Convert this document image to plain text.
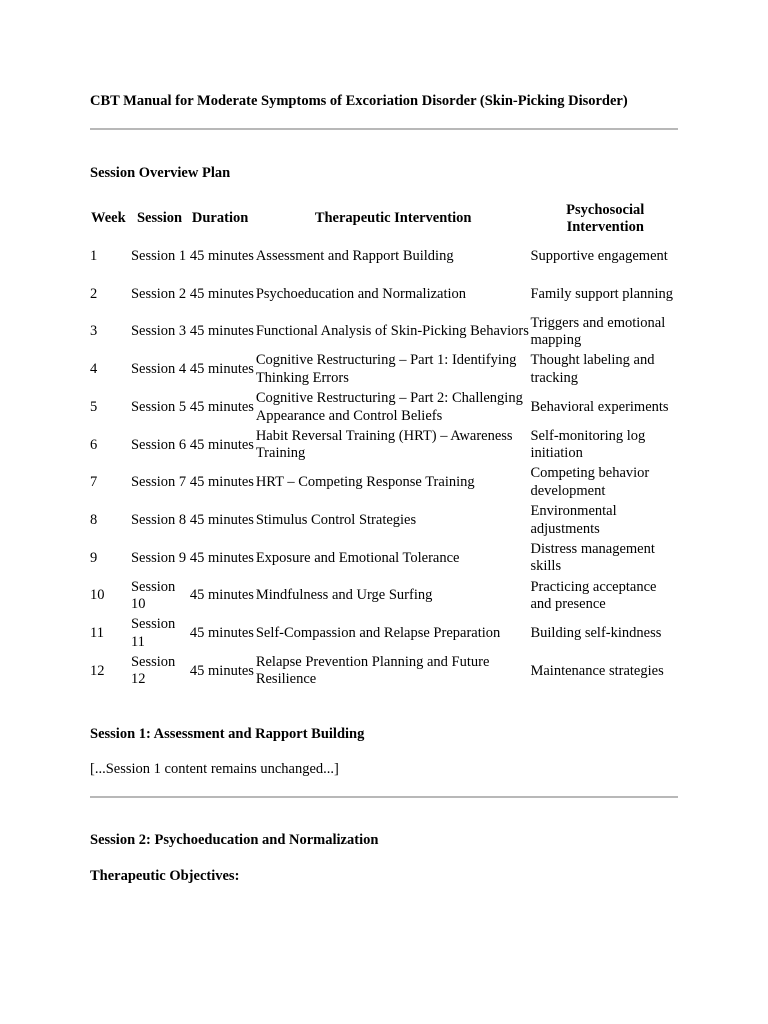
CBT Manual for Moderate Symptoms of Excoriation Disorder (Skin-Picking Disorder)
Session Overview Plan
Week	Session	Duration	Therapeutic Intervention	Psychosocial Intervention
1	Session 1	45 minutes	Assessment and Rapport Building	Supportive engagement
2	Session 2	45 minutes	Psychoeducation and Normalization	Family support planning
3	Session 3	45 minutes	Functional Analysis of Skin-Picking Behaviors	Triggers and emotional mapping
4	Session 4	45 minutes	Cognitive Restructuring – Part 1: Identifying Thinking Errors	Thought labeling and tracking
5	Session 5	45 minutes	Cognitive Restructuring – Part 2: Challenging Appearance and Control Beliefs	Behavioral experiments
6	Session 6	45 minutes	Habit Reversal Training (HRT) – Awareness Training	Self-monitoring log initiation
7	Session 7	45 minutes	HRT – Competing Response Training	Competing behavior development
8	Session 8	45 minutes	Stimulus Control Strategies	Environmental adjustments
9	Session 9	45 minutes	Exposure and Emotional Tolerance	Distress management skills
10	Session 10	45 minutes	Mindfulness and Urge Surfing	Practicing acceptance and presence
11	Session 11	45 minutes	Self-Compassion and Relapse Preparation	Building self-kindness
12	Session 12	45 minutes	Relapse Prevention Planning and Future Resilience	Maintenance strategies
Session 1: Assessment and Rapport Building
[...Session 1 content remains unchanged...]
Session 2: Psychoeducation and Normalization
Therapeutic Objectives:
